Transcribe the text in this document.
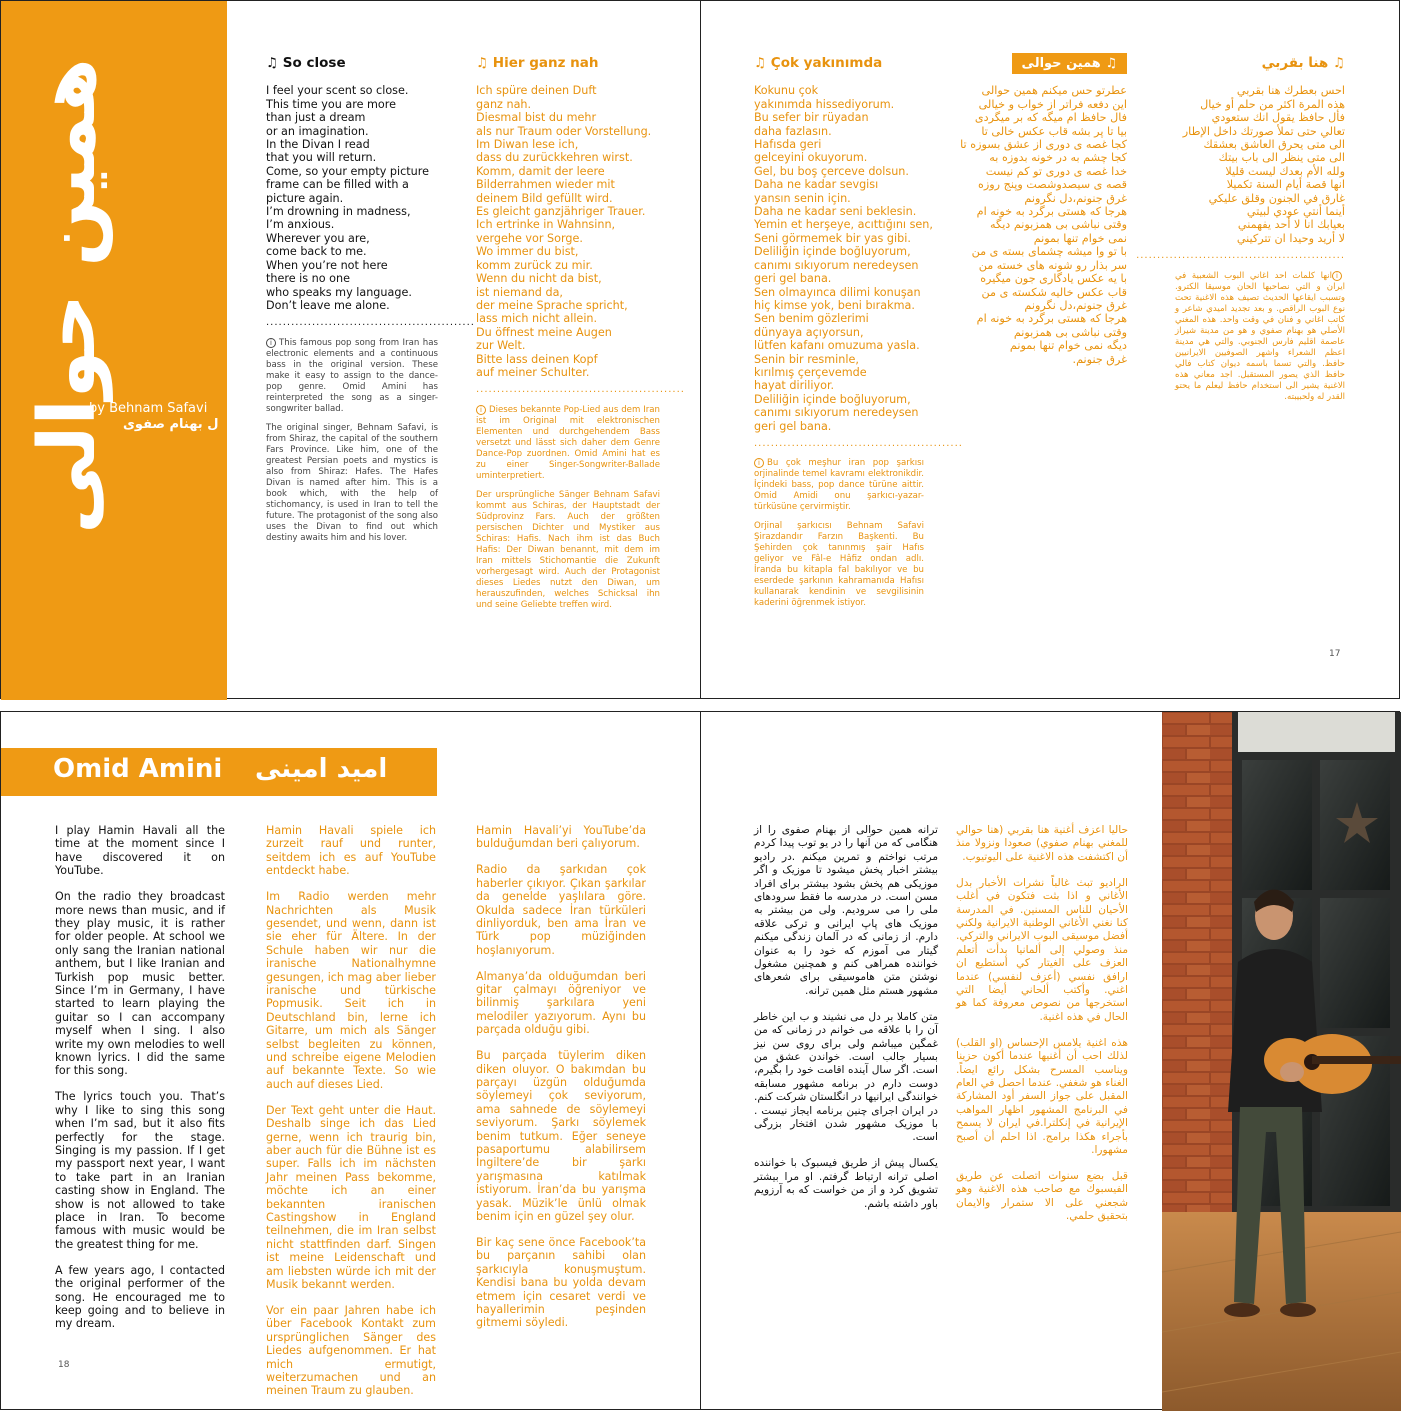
همین حوالی
by Behnam Safavi
ل بهنام صفوی
♫ So close
I feel your scent so close.
This time you are more
than just a dream
or an imagination.
In the Divan I read
that you will return.
Come, so your empty picture
frame can be filled with a
picture again.
I’m drowning in madness,
I’m anxious.
Wherever you are,
come back to me.
When you’re not here
there is no one
who speaks my language.
Don’t leave me alone.
..................................................
i This famous pop song from Iran has electronic elements and a continuous bass in the original version. These make it easy to assign to the dance-pop genre. Omid Amini has reinterpreted the song as a singer-songwriter ballad.
The original singer, Behnam Safavi, is from Shiraz, the capital of the southern Fars Province. Like him, one of the greatest Persian poets and mystics is also from Shiraz: Hafes. The Hafes Divan is named after him. This is a book which, with the help of stichomancy, is used in Iran to tell the future. The protagonist of the song also uses the Divan to find out which destiny awaits him and his lover.
♫ Hier ganz nah
Ich spüre deinen Duft
ganz nah.
Diesmal bist du mehr
als nur Traum oder Vorstellung.
Im Diwan lese ich,
dass du zurückkehren wirst.
Komm, damit der leere
Bilderrahmen wieder mit
deinem Bild gefüllt wird.
Es gleicht ganzjähriger Trauer.
Ich ertrinke in Wahnsinn,
vergehe vor Sorge.
Wo immer du bist,
komm zurück zu mir.
Wenn du nicht da bist,
ist niemand da,
der meine Sprache spricht,
lass mich nicht allein.
Du öffnest meine Augen
zur Welt.
Bitte lass deinen Kopf
auf meiner Schulter.
..................................................
i Dieses bekannte Pop-Lied aus dem Iran ist im Original mit elektronischen Elementen und durchgehendem Bass versetzt und lässt sich daher dem Genre Dance-Pop zuordnen. Omid Amini hat es zu einer Singer-Songwriter-Ballade uminterpretiert.
Der ursprüngliche Sänger Behnam Safavi kommt aus Schiras, der Hauptstadt der Südprovinz Fars. Auch der größten persischen Dichter und Mystiker aus Schiras: Hafis. Nach ihm ist das Buch Hafis: Der Diwan benannt, mit dem im Iran mittels Stichomantie die Zukunft vorhergesagt wird. Auch der Protagonist dieses Liedes nutzt den Diwan, um herauszufinden, welches Schicksal ihn und seine Geliebte treffen wird.
♫ Çok yakınımda
Kokunu çok
yakınımda hissediyorum.
Bu sefer bir rüyadan
daha fazlasın.
Hafısda geri
gelceyini okuyorum.
Gel, bu boş çerceve dolsun.
Daha ne kadar sevgisı
yansın senin için.
Daha ne kadar seni beklesin.
Yemin et herşeye, acıttığını sen,
Seni görmemek bir yas gibi.
Deliliğin içinde boğluyorum,
canımı sıkıyorum neredeysen
geri gel bana.
Sen olmayınca dilimi konuşan
hiç kimse yok, beni bırakma.
Sen benim gözlerimi
dünyaya açıyorsun,
lütfen kafanı omuzuma yasla.
Senin bir resminle,
kırılmış çerçevemde
hayat diriliyor.
Deliliğin içinde boğluyorum,
canımı sıkıyorum neredeysen
geri gel bana.
..................................................
i Bu çok meşhur iran pop şarkısı orjinalinde temel kavramı elektronikdir. İçindeki bass, pop dance türüne aittir. Omid Amidi onu şarkıcı-yazar-türküsüne çervirmiştir.
Orjinal şarkıcısı Behnam Safavi Şirazdandır Farzın Başkenti. Bu Şehirden çok tanınmış şair Hafıs geliyor ve Fâl-e Hâfiz ondan adlı. İranda bu kitapla fal bakılıyor ve bu eserdede şarkının kahramanıda Hafısı kullanarak kendinin ve sevgilisinin kaderini öğrenmek istiyor.
♫ همین حوالی
عطرتو حس میکنم همین حوالی
این دفعه فراتر از خواب و خیالی
فال حافظ ام میگه که بر میگردی
بیا تا پر بشه قاب عکس خالی تا
کجا غصه ی دوری از عشق بسوزه تا
کجا چشم به در خونه بدوزه به
خدا غصه ی دوری تو کم نیست
قصه ی سیصدوشصت وپنج روزه
غرق جنونم،دل نگرونم
هرجا که هستی برگرد به خونه ام
وقتی نباشی بی همزبونم دیگه
نمی خوام تنها بمونم
با تو وا میشه چشمای بسته ی من
سر بذار رو شونه های خسته من
با یه عکس یادگاری جون میگیره
قاب عکس خالیه شکسته ی من
غرق جنونم،دل نگرونم
هرجا که هستی برگرد به خونه ام
وقتی نباشی بی همزبونم
دیگه نمی خوام تنها بمونم
غرق جنونم.
♫ هنا بقربي
احس بعطرك هنا بقربي
هذه المرة اكثر من حلم أو خيال
فأل حافظ يقول انك ستعودي
تعالي حتى تملأ صورتك داخل الإطار
الى متى يحرق العاشق بعشقك
الى متى ينظر الى باب بيتك
ولله الأم بعدك ليست قليلا
انها قصة أيام السنة تكميلا
غارق في الجنون وقلق عليكي
أينما أنتي عودي لبيتي
بعيابك انا لا أحد يفهمني
لا أريد وحيدا ان تتركيني
..................................................
iانها كلمات احد اغاني البوب الشعبية في ايران و التي نصاحبها الحان موسيقا الكترو. وتسبب ايقاعها الحديث تصيف هذه الاغنية تحت نوع البوب الراقص. و بعد تجديد اميدي شاعر و كاتب اغاني و فنان في وقت واحد. هذه المغني الأصلي هو بهنام صفوي و هو من مدينة شيراز عاصمة اقليم فارس الجنوبي. والتي هي مدينة اعظم الشعراء واشهر الصوفيين الايرانيين حافظ. والتي تسما باسمه ديوان كتاب فالي حافظ الذي يصور المستقبل. اجد معاني هذه الاغنية يشير الى استخدام حافظ ليعلم ما يحتو القدر له ولحبيبته.
17
Omid Amini امید امینی
I play Hamin Havali all the time at the moment since I have discovered it on YouTube.
On the radio they broadcast more news than music, and if they play music, it is rather for older people. At school we only sang the Iranian national anthem, but I like Iranian and Turkish pop music better. Since I’m in Germany, I have started to learn playing the guitar so I can accompany myself when I sing. I also write my own melodies to well known lyrics. I did the same for this song.
The lyrics touch you. That’s why I like to sing this song when I’m sad, but it also fits perfectly for the stage. Singing is my passion. If I get my passport next year, I want to take part in an Iranian casting show in England. The show is not allowed to take place in Iran. To become famous with music would be the greatest thing for me.
A few years ago, I contacted the original performer of the song. He encouraged me to keep going and to believe in my dream.
Hamin Havali spiele ich zurzeit rauf und runter, seitdem ich es auf YouTube entdeckt habe.
Im Radio werden mehr Nachrichten als Musik gesendet, und wenn, dann ist sie eher für Ältere. In der Schule haben wir nur die iranische Nationalhymne gesungen, ich mag aber lieber iranische und türkische Popmusik. Seit ich in Deutschland bin, lerne ich Gitarre, um mich als Sänger selbst begleiten zu können, und schreibe eigene Melodien auf bekannte Texte. So wie auch auf dieses Lied.
Der Text geht unter die Haut. Deshalb singe ich das Lied gerne, wenn ich traurig bin, aber auch für die Bühne ist es super. Falls ich im nächsten Jahr meinen Pass bekomme, möchte ich an einer bekannten iranischen Castingshow in England teilnehmen, die im Iran selbst nicht stattfinden darf. Singen ist meine Leidenschaft und am liebsten würde ich mit der Musik bekannt werden.
Vor ein paar Jahren habe ich über Facebook Kontakt zum ursprünglichen Sänger des Liedes aufgenommen. Er hat mich ermutigt, weiterzumachen und an meinen Traum zu glauben.
Hamin Havali’yi YouTube’da bulduğumdan beri çalıyorum.
Radio da şarkıdan çok haberler çıkıyor. Çıkan şarkılar da genelde yaşlılara göre. Okulda sadece İran türküleri dinliyorduk, ben ama İran ve Türk pop müziğinden hoşlanıyorum.
Almanya’da olduğumdan beri gitar çalmayı öğreniyor ve bilinmiş şarkılara yeni melodiler yazıyorum. Aynı bu parçada olduğu gibi.
Bu parçada tüylerim diken diken oluyor. O bakımdan bu parçayı üzgün olduğumda söylemeyi çok seviyorum, ama sahnede de söylemeyi seviyorum. Şarkı söylemek benim tutkum. Eğer seneye pasaportumu alabilirsem İngiltere’de bir şarkı yarışmasına katılmak istiyorum. İran’da bu yarışma yasak. Müzik’le ünlü olmak benim için en güzel şey olur.
Bir kaç sene önce Facebook’ta bu parçanın sahibi olan şarkıcıyla konuşmuştum. Kendisi bana bu yolda devam etmem için cesaret verdi ve hayallerimin peşinden gitmemi söyledi.
18
ترانه همین حوالی از بهنام صفوی را از هنگامی که من آنها را در یو توب پیدا کردم مرتب نواختم و تمرین میکنم .در رادیو بیشتر اخبار پخش میشود تا موزیک و اگر موزیکی هم پخش بشود بیشتر برای افراد مسن است. در مدرسه ما فقط سرودهای ملی را می سرودیم. ولی من بیشتر به موزیک های پاپ ایرانی و ترکی علاقه دارم. از زمانی که در آلمان زندگی میکنم گیتار می آموزم که خود را به عنوان خواننده همراهی کنم و همچنین مشغول نوشتن متن هاموسیقی برای شعرهای مشهور هستم مثل همین ترانه.
متن کاملا بر دل می نشیند و ب این خاطر آن را با علاقه می خوانم در زمانی که من غمگین میباشم ولی برای روی سن نیز بسیار جالب است. خواندن عشق من است. اگر سال آینده اقامت خود را بگیرم، دوست دارم در برنامه مشهور مسابقه خوانندگی ایرانیها در انگلستان شرکت کنم. در ایران اجرای چنین برنامه ایجاز نیست . با موزیک مشهور شدن افتخار بزرگی است.
یکسال پیش از طریق فیسبوک با خواننده اصلی ترانه ارتباط گرفتم. او مرا بیشتر تشویق کرد و از من خواست که به آرزویم باور داشته باشم.
حاليا اعزف أغنية هنا بقربي (هنا حوالي للمغني بهنام صفوي) صعودا ونزولا منذ أن اكتشفت هذه الاغنية على اليوتيوب.
الراديو تبث غالباً نشرات الأخبار بدل الأغاني و اذا بثت فتكون في أغلب الأحيان للناس المسنين. في المدرسة كنا نغني الأغاني الوطنية الايرانية ولكني أفضل موسيقى البوب الايراني والتركي. منذ وصولي إلى ألمانيا بدأت أتعلم العزف على الغيتار كي أستطيع ان ارافق نفسي (أعزف لنفسي) عندما اغني. وأكتب ألحاني أيضا التي استخرجها من نصوص معروفة كما هو الحال في هذه اغنية.
هذه اغنية يلامس الإحساس (او القلب) لذلك احب أن أغنيها عندما أكون حزينا ويناسب المسرح بشكل رائع ايضاً. الغناء هو شغفي. عندما احصل في العام المقبل على جواز السفر أود المشاركة في البرنامج المشهور اظهار المواهب الإيرانية في إنكلترا.في ايران لا يسمح بأجراء هكذا برامج. اذا احلم أن أصبح مشهورا.
قبل بضع سنوات اتصلت عن طريق الفيسبوك مع صاحب هذه الاغنية وهو شجعني على الا ستمرار والايمان بتحقيق حلمي.
